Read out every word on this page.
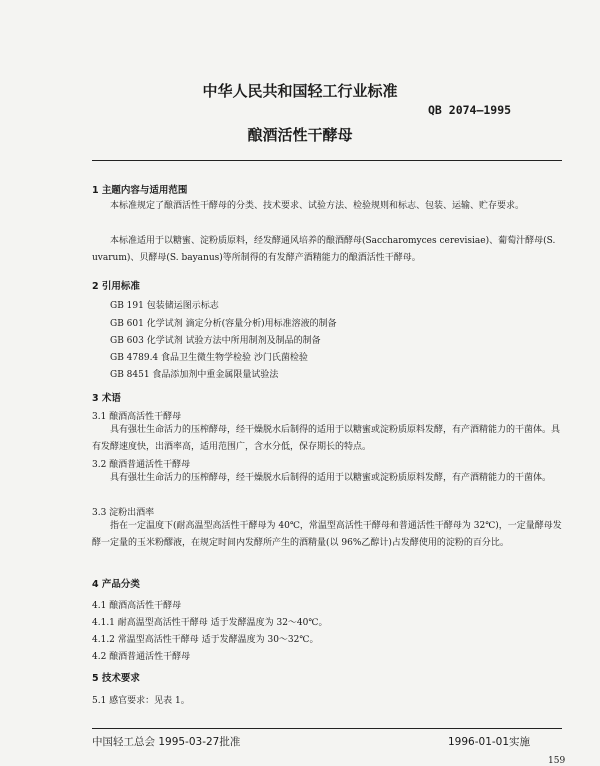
中华人民共和国轻工行业标准
QB 2074—1995
酿酒活性干酵母
1 主题内容与适用范围
本标准规定了酿酒活性干酵母的分类、技术要求、试验方法、检验规则和标志、包装、运输、贮存要求。
本标准适用于以糖蜜、淀粉质原料，经发酵通风培养的酿酒酵母(Saccharomyces cerevisiae)、葡萄汁酵母(S. uvarum)、贝酵母(S. bayanus)等所制得的有发酵产酒精能力的酿酒活性干酵母。
2 引用标准
GB 191 包装储运图示标志
GB 601 化学试剂 滴定分析(容量分析)用标准溶液的制备
GB 603 化学试剂 试验方法中所用制剂及制品的制备
GB 4789.4 食品卫生微生物学检验 沙门氏菌检验
GB 8451 食品添加剂中重金属限量试验法
3 术语
3.1 酿酒高活性干酵母
具有强壮生命活力的压榨酵母，经干燥脱水后制得的适用于以糖蜜或淀粉质原料发酵，有产酒精能力的干菌体。具有发酵速度快，出酒率高，适用范围广，含水分低，保存期长的特点。
3.2 酿酒普通活性干酵母
具有强壮生命活力的压榨酵母，经干燥脱水后制得的适用于以糖蜜或淀粉质原料发酵，有产酒精能力的干菌体。
3.3 淀粉出酒率
指在一定温度下(耐高温型高活性干酵母为 40℃，常温型高活性干酵母和普通活性干酵母为 32℃)，一定量酵母发酵一定量的玉米粉醪液，在规定时间内发酵所产生的酒精量(以 96%乙醇计)占发酵使用的淀粉的百分比。
4 产品分类
4.1 酿酒高活性干酵母
4.1.1 耐高温型高活性干酵母 适于发酵温度为 32～40℃。
4.1.2 常温型高活性干酵母 适于发酵温度为 30～32℃。
4.2 酿酒普通活性干酵母
5 技术要求
5.1 感官要求：见表 1。
中国轻工总会 1995-03-27批准	1996-01-01实施
159
